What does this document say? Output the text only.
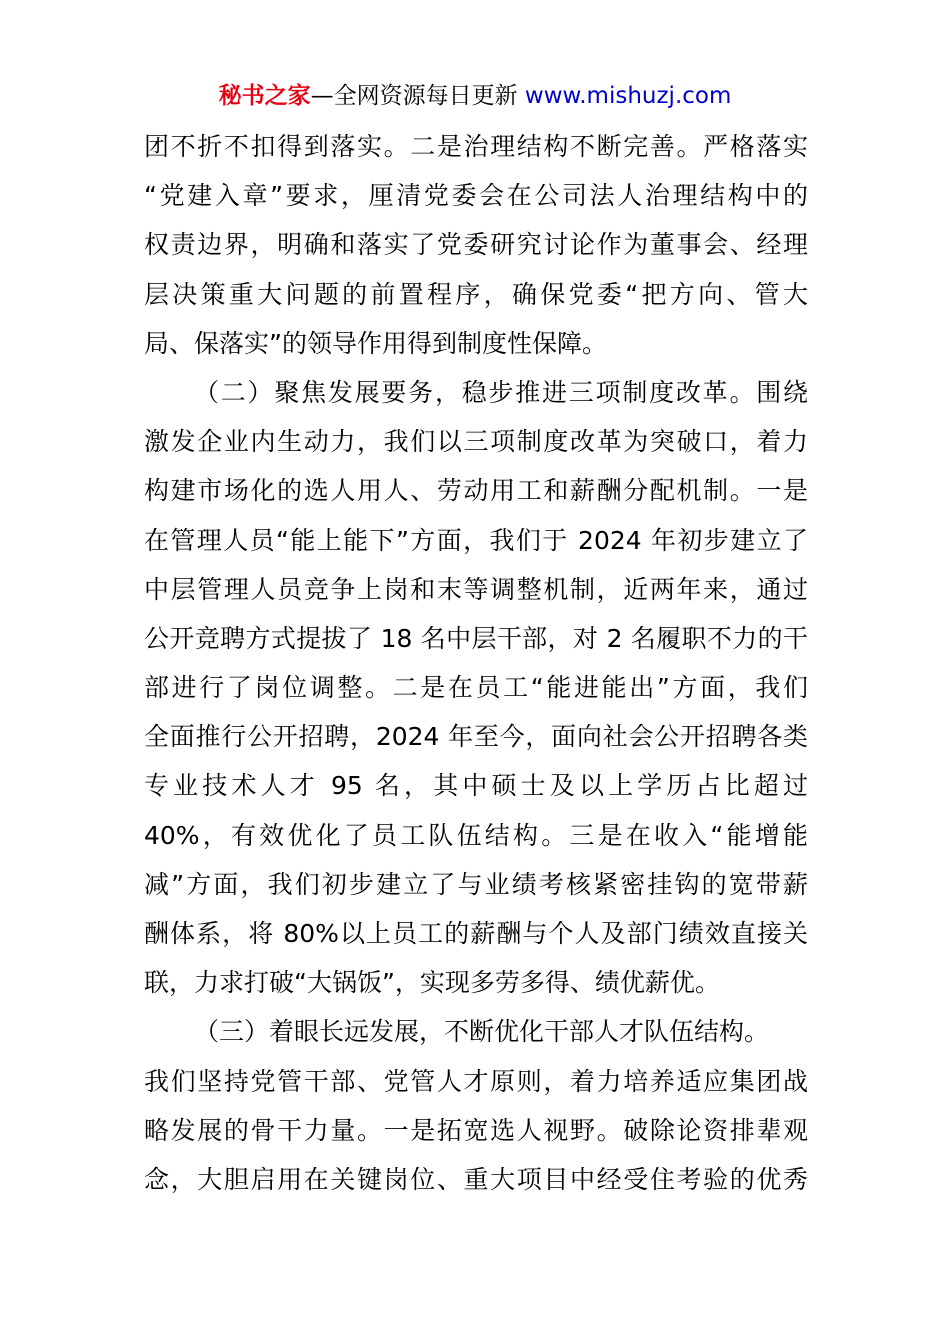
秘书之家—全网资源每日更新 www.mishuzj.com
团不折不扣得到落实。二是治理结构不断完善。严格落实
“党建入章”要求，厘清党委会在公司法人治理结构中的
权责边界，明确和落实了党委研究讨论作为董事会、经理
层决策重大问题的前置程序，确保党委“把方向、管大
局、保落实”的领导作用得到制度性保障。
（二）聚焦发展要务，稳步推进三项制度改革。围绕
激发企业内生动力，我们以三项制度改革为突破口，着力
构建市场化的选人用人、劳动用工和薪酬分配机制。一是
在管理人员“能上能下”方面，我们于 2024 年初步建立了
中层管理人员竞争上岗和末等调整机制，近两年来，通过
公开竞聘方式提拔了 18 名中层干部，对 2 名履职不力的干
部进行了岗位调整。二是在员工“能进能出”方面，我们
全面推行公开招聘，2024 年至今，面向社会公开招聘各类
专业技术人才 95 名，其中硕士及以上学历占比超过
40%，有效优化了员工队伍结构。三是在收入“能增能
减”方面，我们初步建立了与业绩考核紧密挂钩的宽带薪
酬体系，将 80%以上员工的薪酬与个人及部门绩效直接关
联，力求打破“大锅饭”，实现多劳多得、绩优薪优。
（三）着眼长远发展，不断优化干部人才队伍结构。
我们坚持党管干部、党管人才原则，着力培养适应集团战
略发展的骨干力量。一是拓宽选人视野。破除论资排辈观
念，大胆启用在关键岗位、重大项目中经受住考验的优秀
